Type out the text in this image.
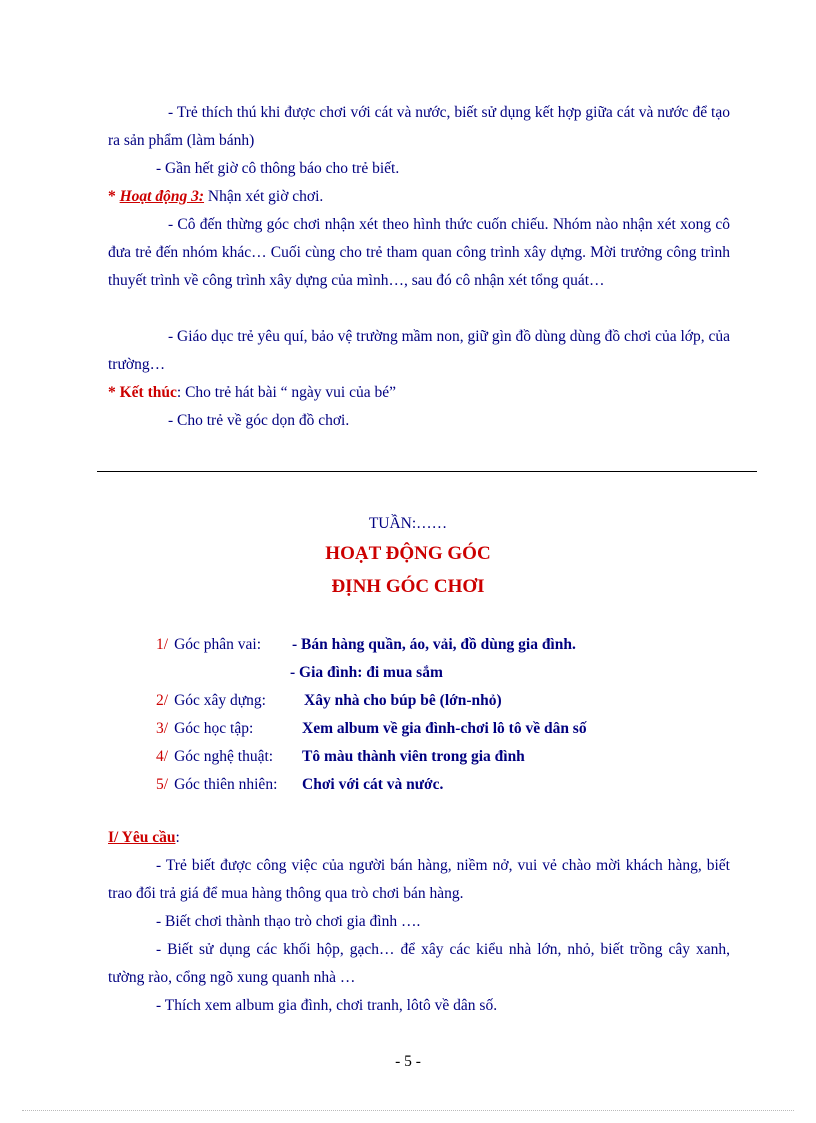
- Trẻ thích thú khi được chơi với cát và nước, biết sử dụng kết hợp giữa cát và nước để tạo ra sản phẩm (làm bánh)
- Gần hết giờ cô thông báo cho trẻ biết.
* Hoạt động 3: Nhận xét giờ chơi.
- Cô đến thừng góc chơi nhận xét theo hình thức cuốn chiếu. Nhóm nào nhận xét xong cô đưa trẻ đến nhóm khác… Cuối cùng cho trẻ tham quan công trình xây dựng. Mời trưởng công trình thuyết trình về công trình xây dựng của mình…, sau đó cô nhận xét tổng quát…
- Giáo dục trẻ yêu quí, bảo vệ trường mầm non, giữ gìn đồ dùng dùng đồ chơi của lớp, của trường…
* Kết thúc: Cho trẻ hát bài “ ngày vui của bé”
- Cho trẻ về góc dọn đồ chơi.
TUẦN:……
HOẠT ĐỘNG GÓC
ĐỊNH GÓC CHƠI
1/ Góc phân vai: - Bán hàng quần, áo, vải, đồ dùng gia đình.
- Gia đình: đi mua sắm
2/ Góc xây dựng: Xây nhà cho búp bê (lớn-nhỏ)
3/ Góc học tập:	Xem album về gia đình-chơi lô tô về dân số
4/ Góc nghệ thuật: Tô màu thành viên trong gia đình
5/ Góc thiên nhiên: Chơi với cát và nước.
I/ Yêu cầu:
- Trẻ biết được công việc của người bán hàng, niềm nở, vui vẻ chào mời khách hàng, biết trao đổi trả giá để mua hàng thông qua trò chơi bán hàng.
- Biết chơi thành thạo trò chơi gia đình ….
- Biết sử dụng các khối hộp, gạch… để xây các kiểu nhà lớn, nhỏ, biết trồng cây xanh, tường rào, cổng ngõ xung quanh nhà …
- Thích xem album gia đình, chơi tranh, lôtô về dân số.
- 5 -
